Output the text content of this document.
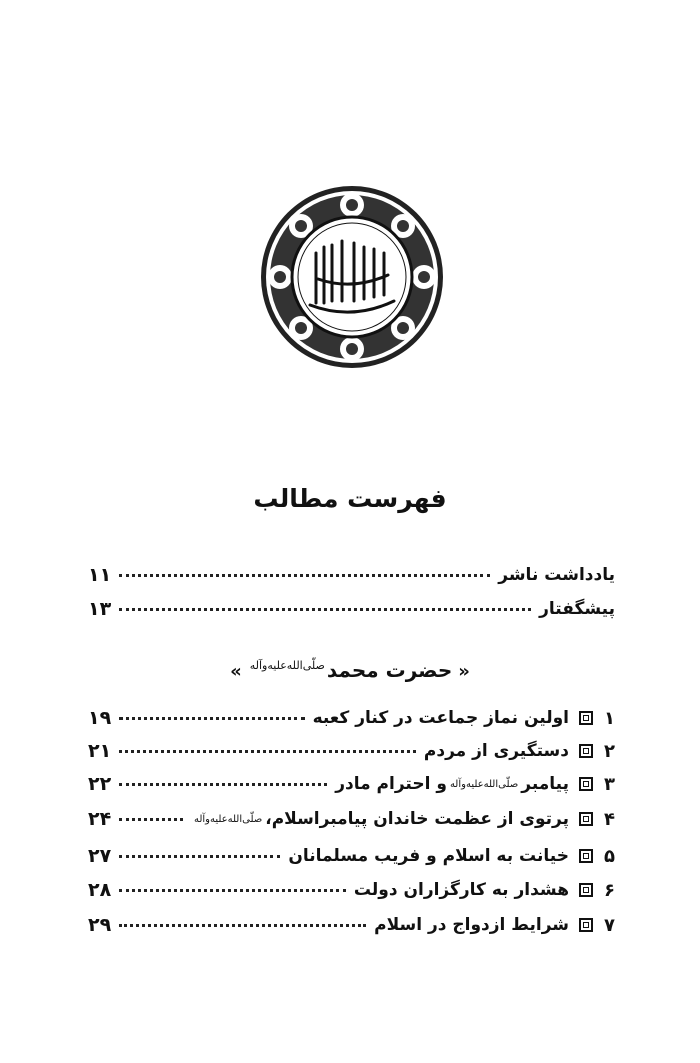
فهرست مطالب
یادداشت ناشر
۱۱
پیشگفتار
۱۳
«حضرت محمد$^{صلّی‌الله‌علیه‌وآله}$»
۱
اولین نماز جماعت در کنار کعبه
۱۹
۲
دستگیری از مردم
۲۱
۳
پیامبر
صلّی‌الله‌علیه‌وآله
و احترام مادر
۲۲
۴
پرتوی از عظمت خاندان پیامبراسلام،
صلّی‌الله‌علیه‌وآله
۲۴
۵
خیانت به اسلام و فریب مسلمانان
۲۷
۶
هشدار به کارگزاران دولت
۲۸
۷
شرایط ازدواج در اسلام
۲۹
